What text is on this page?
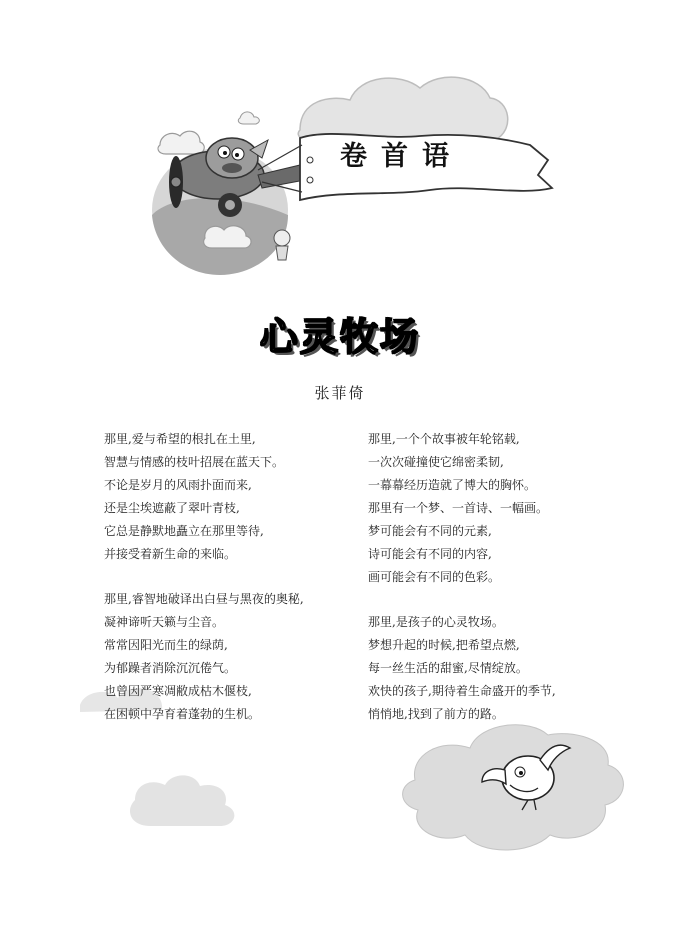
卷首语
心灵牧场
张菲倚
那里,爱与希望的根扎在土里,
智慧与情感的枝叶招展在蓝天下。
不论是岁月的风雨扑面而来,
还是尘埃遮蔽了翠叶青枝,
它总是静默地矗立在那里等待,
并接受着新生命的来临。
那里,睿智地破译出白昼与黑夜的奥秘,
凝神谛听天籁与尘音。
常常因阳光而生的绿荫,
为郁躁者消除沉沉倦气。
也曾因严寒凋敝成枯木偃枝,
在困顿中孕育着蓬勃的生机。
那里,一个个故事被年轮铭载,
一次次碰撞使它绵密柔韧,
一幕幕经历造就了博大的胸怀。
那里有一个梦、一首诗、一幅画。
梦可能会有不同的元素,
诗可能会有不同的内容,
画可能会有不同的色彩。
那里,是孩子的心灵牧场。
梦想升起的时候,把希望点燃,
每一丝生活的甜蜜,尽情绽放。
欢快的孩子,期待着生命盛开的季节,
悄悄地,找到了前方的路。
